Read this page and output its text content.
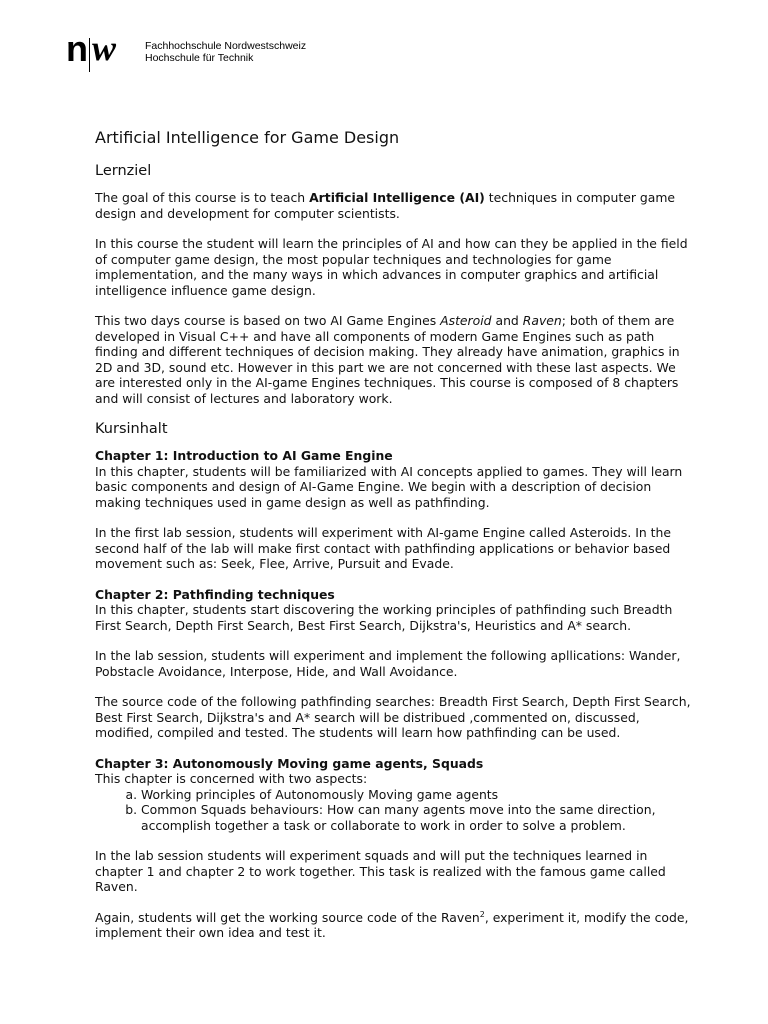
n w	Fachhochschule Nordwestschweiz
Hochschule für Technik
Artificial Intelligence for Game Design
Lernziel

The goal of this course is to teach Artificial Intelligence (AI) techniques in computer game design and development for computer scientists.

In this course the student will learn the principles of AI and how can they be applied in the field of computer game design, the most popular techniques and technologies for game implementation, and the many ways in which advances in computer graphics and artificial intelligence influence game design.

This two days course is based on two AI Game Engines Asteroid and Raven; both of them are developed in Visual C++ and have all components of modern Game Engines such as path finding and different techniques of decision making. They already have animation, graphics in 2D and 3D, sound etc. However in this part we are not concerned with these last aspects. We are interested only in the AI-game Engines techniques. This course is composed of 8 chapters and will consist of lectures and laboratory work.

Kursinhalt

Chapter 1: Introduction to AI Game Engine

In this chapter, students will be familiarized with AI concepts applied to games. They will learn basic components and design of AI-Game Engine. We begin with a description of decision making techniques used in game design as well as pathfinding.

In the first lab session, students will experiment with AI-game Engine called Asteroids. In the second half of the lab will make first contact with pathfinding applications or behavior based movement such as: Seek, Flee, Arrive, Pursuit and Evade.

Chapter 2: Pathfinding techniques

In this chapter, students start discovering the working principles of pathfinding such Breadth First Search, Depth First Search, Best First Search, Dijkstra's, Heuristics and A* search.

In the lab session, students will experiment and implement the following apllications: Wander, Pobstacle Avoidance, Interpose, Hide, and Wall Avoidance.

The source code of the following pathfinding searches: Breadth First Search, Depth First Search, Best First Search, Dijkstra's and A* search will be distribued ,commented on, discussed, modified, compiled and tested. The students will learn how pathfinding can be used.

Chapter 3: Autonomously Moving game agents, Squads

This chapter is concerned with two aspects:

a. Working principles of Autonomously Moving game agents
b. Common Squads behaviours: How can many agents move into the same direction, accomplish together a task or collaborate to work in order to solve a problem.

In the lab session students will experiment squads and will put the techniques learned in chapter 1 and chapter 2 to work together. This task is realized with the famous game called Raven.

Again, students will get the working source code of the Raven$^2$, experiment it, modify the code, implement their own idea and test it.
